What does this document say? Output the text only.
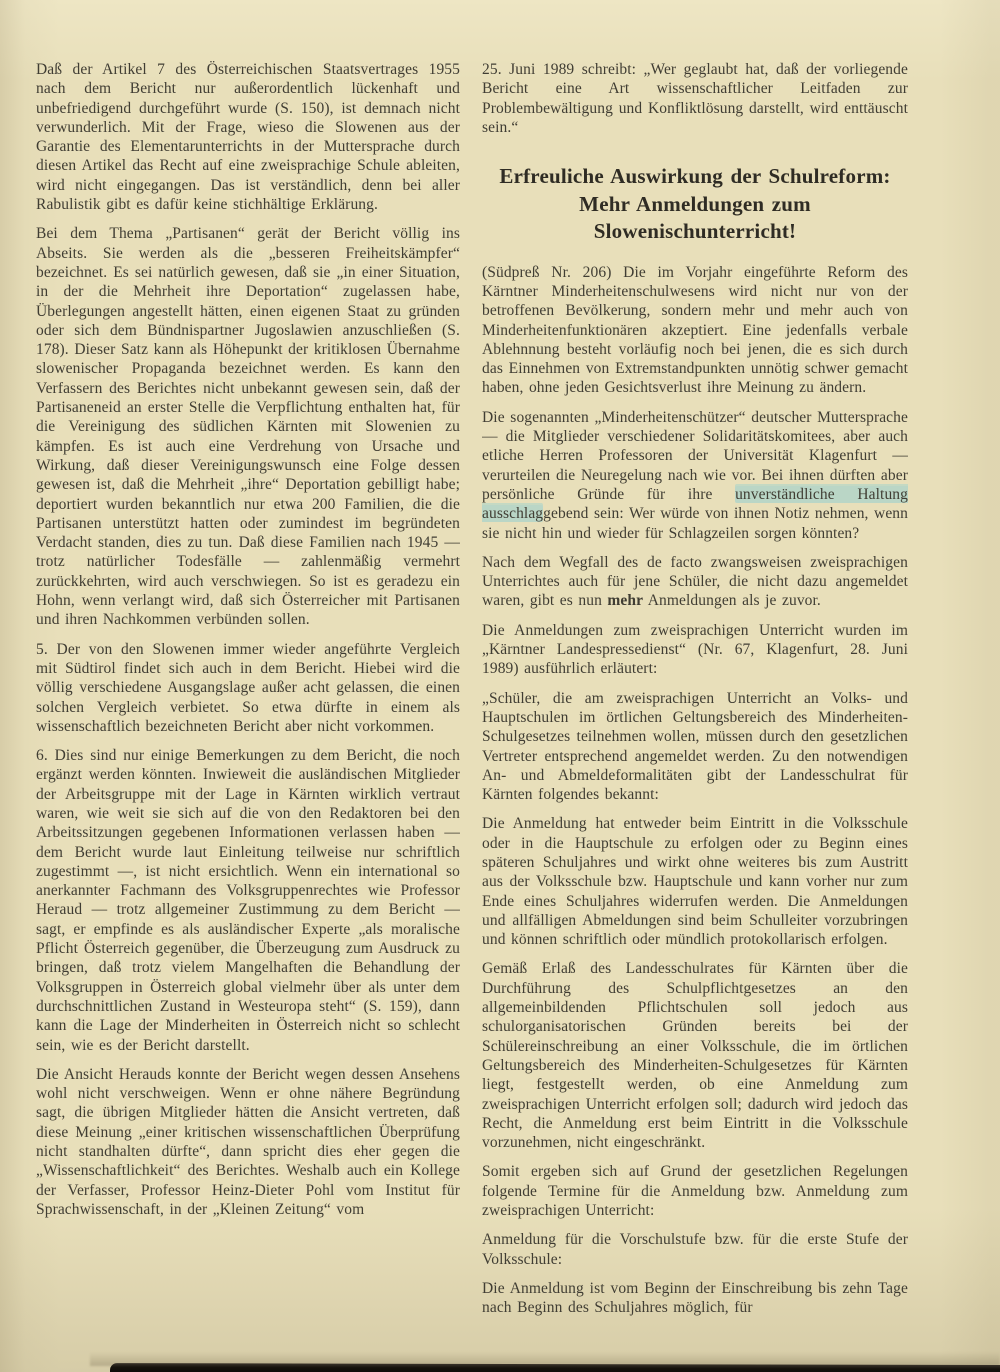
Daß der Artikel 7 des Österreichischen Staatsvertrages 1955 nach dem Bericht nur außerordentlich lückenhaft und unbefriedigend durchgeführt wurde (S. 150), ist demnach nicht verwunderlich. Mit der Frage, wieso die Slowenen aus der Garantie des Elementarunterrichts in der Muttersprache durch diesen Artikel das Recht auf eine zweisprachige Schule ableiten, wird nicht eingegangen. Das ist verständlich, denn bei aller Rabulistik gibt es dafür keine stichhältige Erklärung.

Bei dem Thema „Partisanen“ gerät der Bericht völlig ins Abseits. Sie werden als die „besseren Freiheitskämpfer“ bezeichnet. Es sei natürlich gewesen, daß sie „in einer Situation, in der die Mehrheit ihre Deportation“ zugelassen habe, Überlegungen angestellt hätten, einen eigenen Staat zu gründen oder sich dem Bündnispartner Jugoslawien anzuschließen (S. 178). Dieser Satz kann als Höhepunkt der kritiklosen Übernahme slowenischer Propaganda bezeichnet werden. Es kann den Verfassern des Berichtes nicht unbekannt gewesen sein, daß der Partisaneneid an erster Stelle die Verpflichtung enthalten hat, für die Vereinigung des südlichen Kärnten mit Slowenien zu kämpfen. Es ist auch eine Verdrehung von Ursache und Wirkung, daß dieser Vereinigungswunsch eine Folge dessen gewesen ist, daß die Mehrheit „ihre“ Deportation gebilligt habe; deportiert wurden bekanntlich nur etwa 200 Familien, die die Partisanen unterstützt hatten oder zumindest im begründeten Verdacht standen, dies zu tun. Daß diese Familien nach 1945 — trotz natürlicher Todesfälle — zahlenmäßig vermehrt zurückkehrten, wird auch verschwiegen. So ist es geradezu ein Hohn, wenn verlangt wird, daß sich Österreicher mit Partisanen und ihren Nachkommen verbünden sollen.

5. Der von den Slowenen immer wieder angeführte Vergleich mit Südtirol findet sich auch in dem Bericht. Hiebei wird die völlig verschiedene Ausgangslage außer acht gelassen, die einen solchen Vergleich verbietet. So etwa dürfte in einem als wissenschaftlich bezeichneten Bericht aber nicht vorkommen.

6. Dies sind nur einige Bemerkungen zu dem Bericht, die noch ergänzt werden könnten. Inwieweit die ausländischen Mitglieder der Arbeitsgruppe mit der Lage in Kärnten wirklich vertraut waren, wie weit sie sich auf die von den Redaktoren bei den Arbeitssitzungen gegebenen Informationen verlassen haben — dem Bericht wurde laut Einleitung teilweise nur schriftlich zugestimmt —, ist nicht ersichtlich. Wenn ein international so anerkannter Fachmann des Volksgruppenrechtes wie Professor Heraud — trotz allgemeiner Zustimmung zu dem Bericht — sagt, er empfinde es als ausländischer Experte „als moralische Pflicht Österreich gegenüber, die Überzeugung zum Ausdruck zu bringen, daß trotz vielem Mangelhaften die Behandlung der Volksgruppen in Österreich global vielmehr über als unter dem durchschnittlichen Zustand in Westeuropa steht“ (S. 159), dann kann die Lage der Minderheiten in Österreich nicht so schlecht sein, wie es der Bericht darstellt.

Die Ansicht Herauds konnte der Bericht wegen dessen Ansehens wohl nicht verschweigen. Wenn er ohne nähere Begründung sagt, die übrigen Mitglieder hätten die Ansicht vertreten, daß diese Meinung „einer kritischen wissenschaftlichen Überprüfung nicht standhalten dürfte“, dann spricht dies eher gegen die „Wissenschaftlichkeit“ des Berichtes. Weshalb auch ein Kollege der Verfasser, Professor Heinz-Dieter Pohl vom Institut für Sprachwissenschaft, in der „Kleinen Zeitung“ vom

25. Juni 1989 schreibt: „Wer geglaubt hat, daß der vorliegende Bericht eine Art wissenschaftlicher Leitfaden zur Problembewältigung und Konfliktlösung darstellt, wird enttäuscht sein.“

Erfreuliche Auswirkung der Schulreform:
Mehr Anmeldungen zum Slowenischunterricht!

(Südpreß Nr. 206) Die im Vorjahr eingeführte Reform des Kärntner Minderheitenschulwesens wird nicht nur von der betroffenen Bevölkerung, sondern mehr und mehr auch von Minderheitenfunktionären akzeptiert. Eine jedenfalls verbale Ablehnnung besteht vorläufig noch bei jenen, die es sich durch das Einnehmen von Extremstandpunkten unnötig schwer gemacht haben, ohne jeden Gesichtsverlust ihre Meinung zu ändern.

Die sogenannten „Minderheitenschützer“ deutscher Muttersprache — die Mitglieder verschiedener Solidaritätskomitees, aber auch etliche Herren Professoren der Universität Klagenfurt — verurteilen die Neuregelung nach wie vor. Bei ihnen dürften aber persönliche Gründe für ihre unverständliche Haltung ausschlaggebend sein: Wer würde von ihnen Notiz nehmen, wenn sie nicht hin und wieder für Schlagzeilen sorgen könnten?

Nach dem Wegfall des de facto zwangsweisen zweisprachigen Unterrichtes auch für jene Schüler, die nicht dazu angemeldet waren, gibt es nun mehr Anmeldungen als je zuvor.

Die Anmeldungen zum zweisprachigen Unterricht wurden im „Kärntner Landespressedienst“ (Nr. 67, Klagenfurt, 28. Juni 1989) ausführlich erläutert:

„Schüler, die am zweisprachigen Unterricht an Volks- und Hauptschulen im örtlichen Geltungsbereich des Minderheiten-Schulgesetzes teilnehmen wollen, müssen durch den gesetzlichen Vertreter entsprechend angemeldet werden. Zu den notwendigen An- und Abmeldeformalitäten gibt der Landesschulrat für Kärnten folgendes bekannt:

Die Anmeldung hat entweder beim Eintritt in die Volksschule oder in die Hauptschule zu erfolgen oder zu Beginn eines späteren Schuljahres und wirkt ohne weiteres bis zum Austritt aus der Volksschule bzw. Hauptschule und kann vorher nur zum Ende eines Schuljahres widerrufen werden. Die Anmeldungen und allfälligen Abmeldungen sind beim Schulleiter vorzubringen und können schriftlich oder mündlich protokollarisch erfolgen.

Gemäß Erlaß des Landesschulrates für Kärnten über die Durchführung des Schulpflichtgesetzes an den allgemeinbildenden Pflichtschulen soll jedoch aus schulorganisatorischen Gründen bereits bei der Schülereinschreibung an einer Volksschule, die im örtlichen Geltungsbereich des Minderheiten-Schulgesetzes für Kärnten liegt, festgestellt werden, ob eine Anmeldung zum zweisprachigen Unterricht erfolgen soll; dadurch wird jedoch das Recht, die Anmeldung erst beim Eintritt in die Volksschule vorzunehmen, nicht eingeschränkt.

Somit ergeben sich auf Grund der gesetzlichen Regelungen folgende Termine für die Anmeldung bzw. Anmeldung zum zweisprachigen Unterricht:

Anmeldung für die Vorschulstufe bzw. für die erste Stufe der Volksschule:

Die Anmeldung ist vom Beginn der Einschreibung bis zehn Tage nach Beginn des Schuljahres möglich, für
